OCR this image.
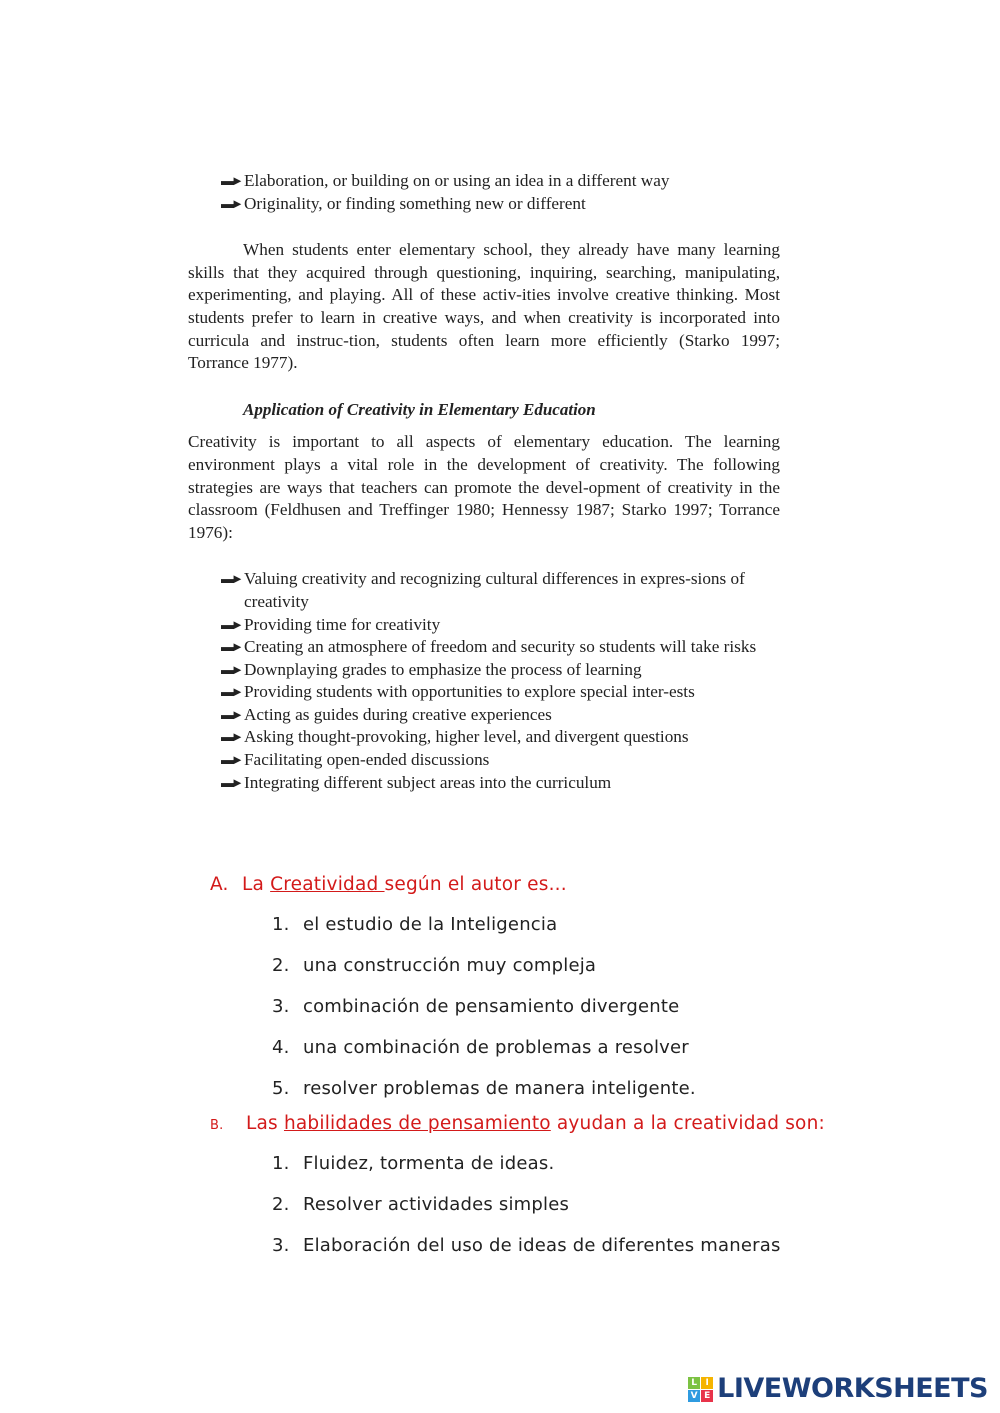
▬► Elaboration, or building on or using an idea in a different way
▬► Originality, or finding something new or different

When students enter elementary school, they already have many learning skills that they acquired through questioning, inquiring, searching, manipulating, experimenting, and playing. All of these activ-ities involve creative thinking. Most students prefer to learn in creative ways, and when creativity is incorporated into curricula and instruc-tion, students often learn more efficiently (Starko 1997; Torrance 1977).

Application of Creativity in Elementary Education

Creativity is important to all aspects of elementary education. The learning environment plays a vital role in the development of creativity. The following strategies are ways that teachers can promote the devel-opment of creativity in the classroom (Feldhusen and Treffinger 1980; Hennessy 1987; Starko 1997; Torrance 1976):

▬► Valuing creativity and recognizing cultural differences in expres-sions of creativity
▬► Providing time for creativity
▬► Creating an atmosphere of freedom and security so students will take risks
▬► Downplaying grades to emphasize the process of learning
▬► Providing students with opportunities to explore special inter-ests
▬► Acting as guides during creative experiences
▬► Asking thought-provoking, higher level, and divergent questions
▬► Facilitating open-ended discussions
▬► Integrating different subject areas into the curriculum
A. La Creatividad según el autor es...
1. el estudio de la Inteligencia
2. una construcción muy compleja
3. combinación de pensamiento divergente
4. una combinación de problemas a resolver
5. resolver problemas de manera inteligente.
B.	Las habilidades de pensamiento ayudan a la creatividad son:
1. Fluidez, tormenta de ideas.
2. Resolver actividades simples
3. Elaboración del uso de ideas de diferentes maneras
L I
V E LIVEWORKSHEETS
